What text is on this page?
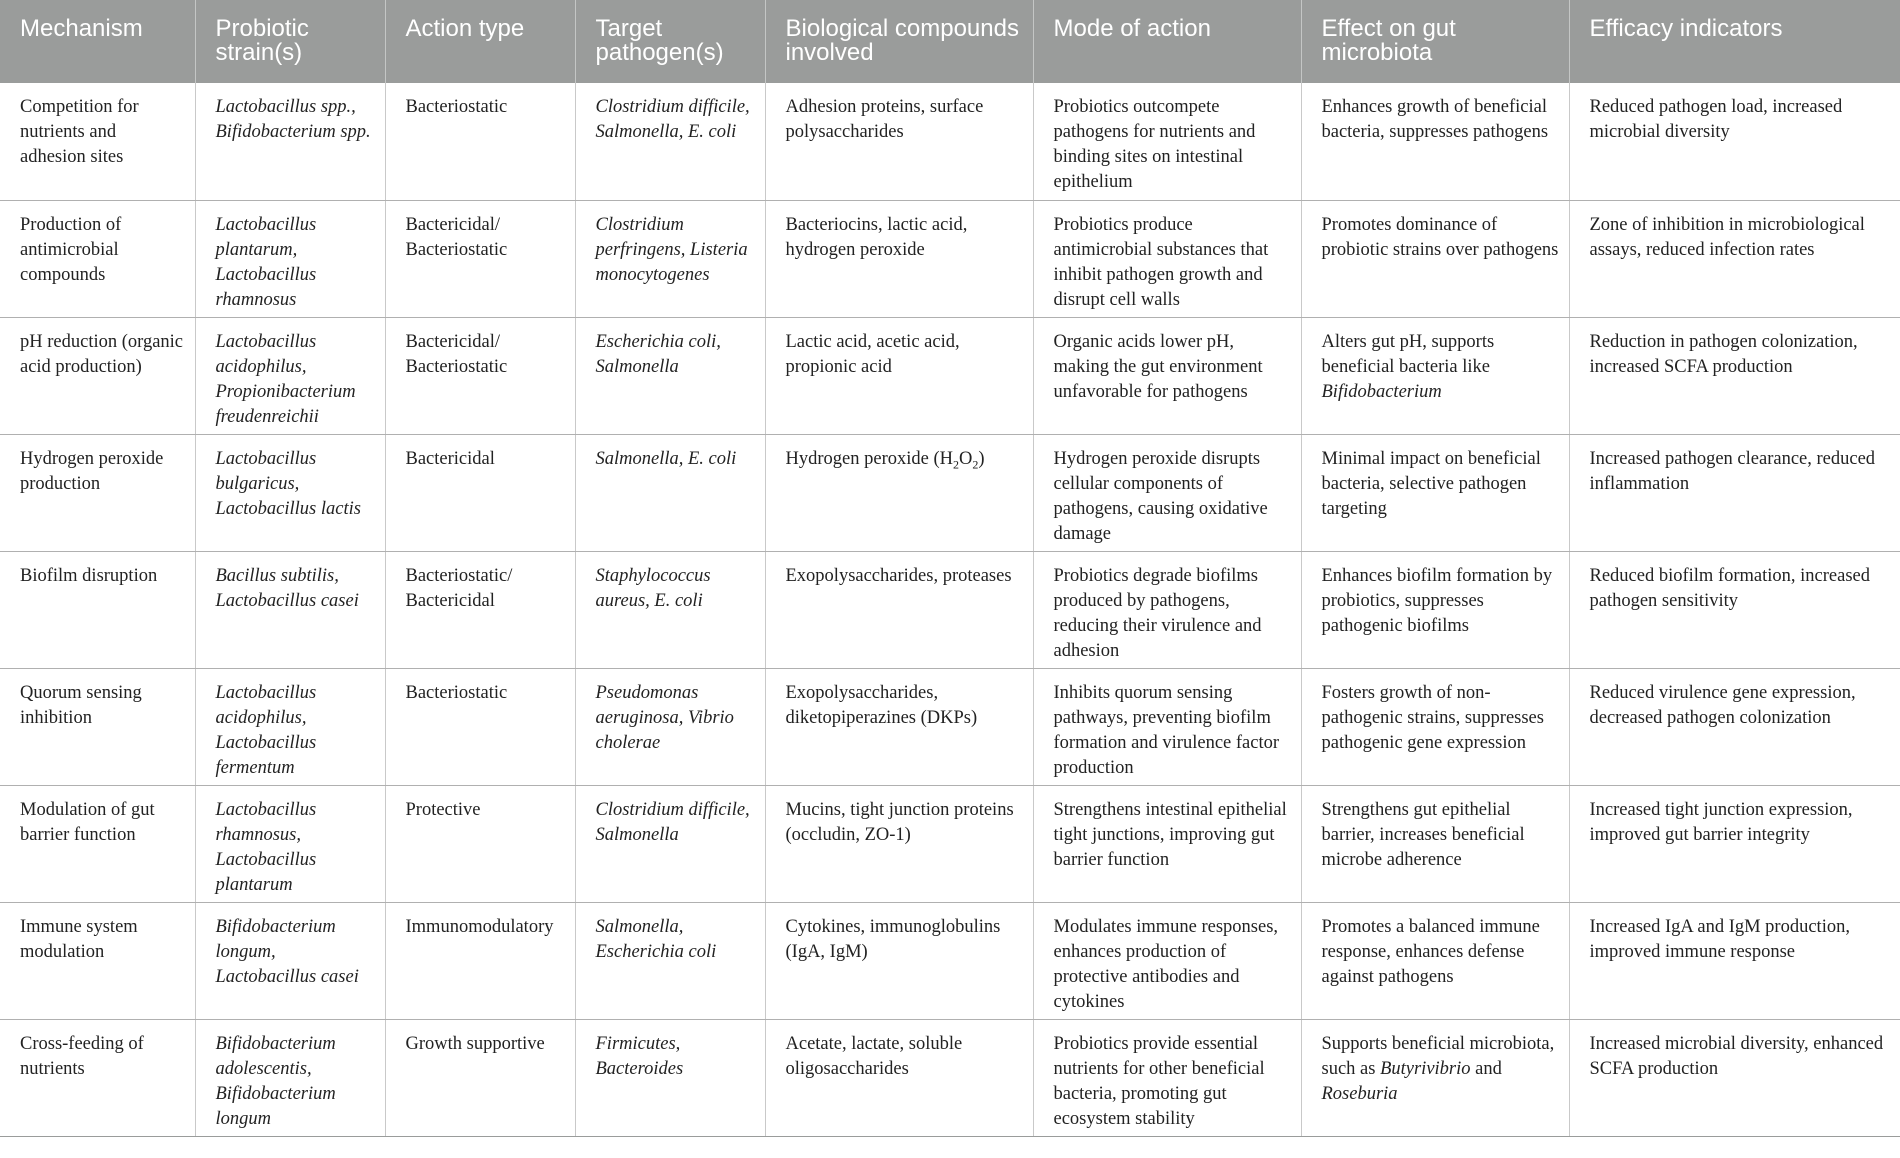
Mechanism	Probiotic strain(s)	Action type	Target pathogen(s)	Biological compounds involved	Mode of action	Effect on gut microbiota	Efficacy indicators
Competition for nutrients and adhesion sites	Lactobacillus spp., Bifidobacterium spp.	Bacteriostatic	Clostridium difficile, Salmonella, E. coli	Adhesion proteins, surface polysaccharides	Probiotics outcompete pathogens for nutrients and binding sites on intestinal epithelium	Enhances growth of beneficial bacteria, suppresses pathogens	Reduced pathogen load, increased microbial diversity
Production of antimicrobial compounds	Lactobacillus plantarum, Lactobacillus rhamnosus	Bactericidal/ Bacteriostatic	Clostridium perfringens, Listeria monocytogenes	Bacteriocins, lactic acid, hydrogen peroxide	Probiotics produce antimicrobial substances that inhibit pathogen growth and disrupt cell walls	Promotes dominance of probiotic strains over pathogens	Zone of inhibition in microbiological assays, reduced infection rates
pH reduction (organic acid production)	Lactobacillus acidophilus, Propionibacterium freudenreichii	Bactericidal/ Bacteriostatic	Escherichia coli, Salmonella	Lactic acid, acetic acid, propionic acid	Organic acids lower pH, making the gut environment unfavorable for pathogens	Alters gut pH, supports beneficial bacteria like Bifidobacterium	Reduction in pathogen colonization, increased SCFA production
Hydrogen peroxide production	Lactobacillus bulgaricus, Lactobacillus lactis	Bactericidal	Salmonella, E. coli	Hydrogen peroxide $(H_2O_2)$	Hydrogen peroxide disrupts cellular components of pathogens, causing oxidative damage	Minimal impact on beneficial bacteria, selective pathogen targeting	Increased pathogen clearance, reduced inflammation
Biofilm disruption	Bacillus subtilis, Lactobacillus casei	Bacteriostatic/ Bactericidal	Staphylococcus aureus, E. coli	Exopolysaccharides, proteases	Probiotics degrade biofilms produced by pathogens, reducing their virulence and adhesion	Enhances biofilm formation by probiotics, suppresses pathogenic biofilms	Reduced biofilm formation, increased pathogen sensitivity
Quorum sensing inhibition	Lactobacillus acidophilus, Lactobacillus fermentum	Bacteriostatic	Pseudomonas aeruginosa, Vibrio cholerae	Exopolysaccharides, diketopiperazines (DKPs)	Inhibits quorum sensing pathways, preventing biofilm formation and virulence factor production	Fosters growth of non-pathogenic strains, suppresses pathogenic gene expression	Reduced virulence gene expression, decreased pathogen colonization
Modulation of gut barrier function	Lactobacillus rhamnosus, Lactobacillus plantarum	Protective	Clostridium difficile, Salmonella	Mucins, tight junction proteins (occludin, ZO-1)	Strengthens intestinal epithelial tight junctions, improving gut barrier function	Strengthens gut epithelial barrier, increases beneficial microbe adherence	Increased tight junction expression, improved gut barrier integrity
Immune system modulation	Bifidobacterium longum, Lactobacillus casei	Immunomodulatory	Salmonella, Escherichia coli	Cytokines, immunoglobulins (IgA, IgM)	Modulates immune responses, enhances production of protective antibodies and cytokines	Promotes a balanced immune response, enhances defense against pathogens	Increased IgA and IgM production, improved immune response
Cross-feeding of nutrients	Bifidobacterium adolescentis, Bifidobacterium longum	Growth supportive	Firmicutes, Bacteroides	Acetate, lactate, soluble oligosaccharides	Probiotics provide essential nutrients for other beneficial bacteria, promoting gut ecosystem stability	Supports beneficial microbiota, such as Butyrivibrio and Roseburia	Increased microbial diversity, enhanced SCFA production
